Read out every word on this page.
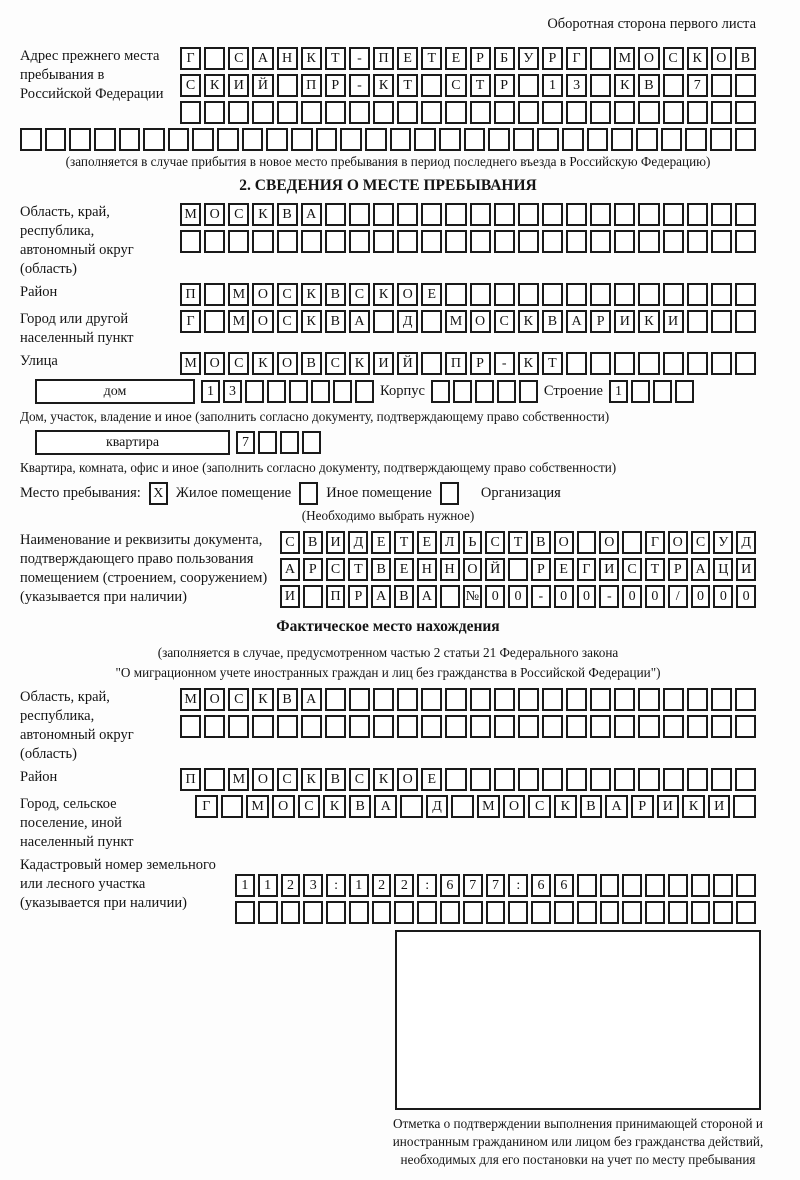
Оборотная сторона первого листа
Адрес прежнего места пребывания в Российской Федерации
Г	С	А	Н	К	Т	-	П	Е	Т	Е	Р	Б	У	Р	Г	М О	С	К	О	В
С	К	И	Й	П	Р	-	К	Т	С	Т	Р	1	3	К	В	7
(заполняется в случае прибытия в новое место пребывания в период последнего въезда в Российскую Федерацию)
2. СВЕДЕНИЯ О МЕСТЕ ПРЕБЫВАНИЯ
Область, край, республика, автономный округ (область)
М О	С	К	В	А
Район	П	М О	С	К	В	С	К	О	Е
Город или другой населенный пункт
Г	М О	С	К	В	А	Д	М О	С	К	В	А	Р	И	К	И
Улица	М О	С	К	О	В	С	К	И	Й	П	Р	-	К	Т
дом	1	3	Корпус	Строение 1
Дом, участок, владение и иное (заполнить согласно документу, подтверждающему право собственности)
квартира	7
Квартира, комната, офис и иное (заполнить согласно документу, подтверждающему право собственности)
Место пребывания: X Жилое помещение Иное помещение	Организация
(Необходимо выбрать нужное)
Наименование и реквизиты документа, подтверждающего право пользования помещением (строением, сооружением) (указывается при наличии)
С В И Д Е	Т	Е Л	Ь	С Т В О	О	Г О С У Д
А Р	С Т В Е Н Н О Й	Р	Е	Г И С Т	Р А Ц И
И	П Р А В А	№ 0	0	-	0	0	-	0	0	/	0	0	0
Фактическое место нахождения
(заполняется в случае, предусмотренном частью 2 статьи 21 Федерального закона
"О миграционном учете иностранных граждан и лиц без гражданства в Российской Федерации")
Область, край, республика, автономный округ (область)
М О	С	К	В	А
Район	П	М О	С	К	В	С	К	О	Е
Город, сельское поселение, иной населенный пункт
Г	М	О	С	К	В	А	Д	М	О	С	К	В	А	Р	И	К	И
Кадастровый номер земельного или лесного участка (указывается при наличии)
1	1	2	3	:	1	2	2	:	6	7	7	:	6	6
Отметка о подтверждении выполнения принимающей стороной и иностранным гражданином или лицом без гражданства действий, необходимых для его постановки на учет по месту пребывания
